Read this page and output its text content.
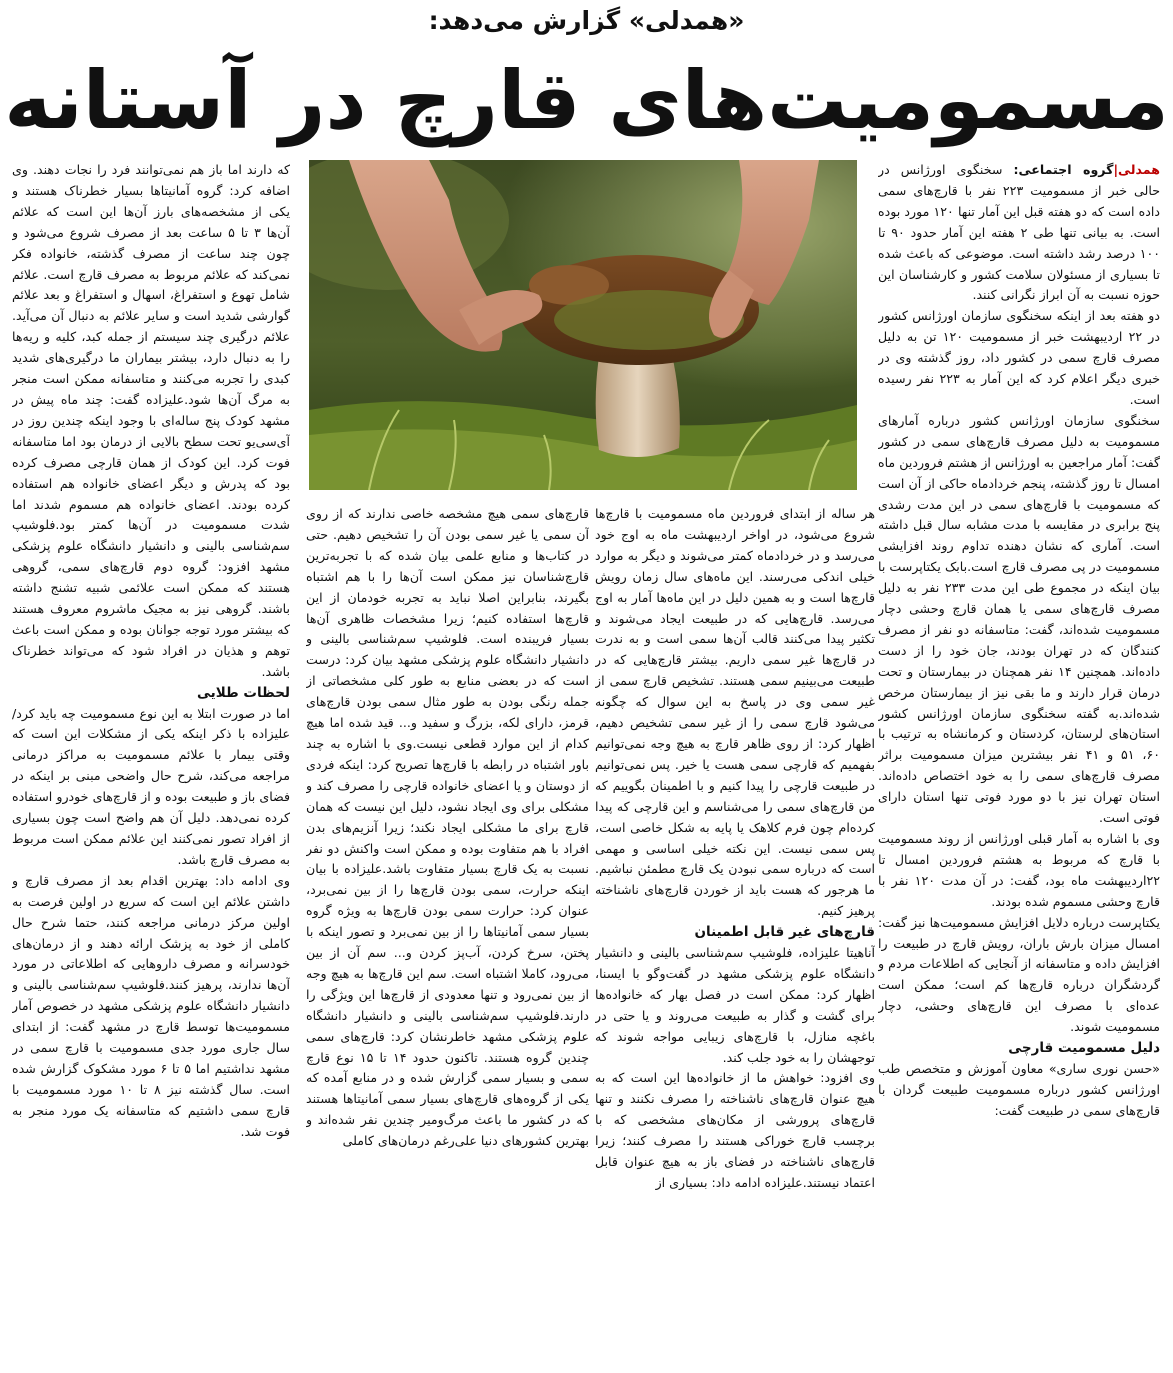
«همدلی» گزارش می‌دهد:
مسمومیت‌های قارچ در آستانه

همدلی|گروه اجتماعی: سخنگوی اورژانس در حالی خبر از مسمومیت ۲۲۳ نفر با قارچ‌های سمی داده است که دو هفته قبل این آمار تنها ۱۲۰ مورد بوده است. به بیانی تنها طی ۲ هفته این آمار حدود ۹۰ تا ۱۰۰ درصد رشد داشته است. موضوعی که باعث شده تا بسیاری از مسئولان سلامت کشور و کارشناسان این حوزه نسبت به آن ابراز نگرانی کنند.

دو هفته بعد از اینکه سخنگوی سازمان اورژانس کشور در ۲۲ اردیبهشت خبر از مسمومیت ۱۲۰ تن به دلیل مصرف قارچ سمی در کشور داد، روز گذشته وی در خبری دیگر اعلام کرد که این آمار به ۲۲۳ نفر رسیده است.

سخنگوی سازمان اورژانس کشور درباره آمارهای مسمومیت به دلیل مصرف قارچ‌های سمی در کشور گفت: آمار مراجعین به اورژانس از هشتم فروردین ماه امسال تا روز گذشته، پنجم خردادماه حاکی از آن است که مسمومیت با قارچ‌های سمی در این مدت رشدی پنج برابری در مقایسه با مدت مشابه سال قبل داشته است. آماری که نشان دهنده تداوم روند افزایشی مسمومیت در پی مصرف قارچ است.بابک یکتاپرست با بیان اینکه در مجموع طی این مدت ۲۳۳ نفر به دلیل مصرف قارچ‌های سمی یا همان قارچ وحشی دچار مسمومیت شده‌اند، گفت: متاسفانه دو نفر از مصرف کنندگان که در تهران بودند، جان خود را از دست داده‌اند. همچنین ۱۴ نفر همچنان در بیمارستان و تحت درمان قرار دارند و ما بقی نیز از بیمارستان مرخص شده‌اند.به گفته سخنگوی سازمان اورژانس کشور استان‌های لرستان، کردستان و کرمانشاه به ترتیب با ۶۰، ۵۱ و ۴۱ نفر بیشترین میزان مسمومیت براثر مصرف قارچ‌های سمی را به خود اختصاص داده‌اند. استان تهران نیز با دو مورد فوتی تنها استان دارای فوتی است.

وی با اشاره به آمار قبلی اورژانس از روند مسمومیت با قارچ که مربوط به هشتم فروردین امسال تا ۲۲اردیبهشت ماه بود، گفت: در آن مدت ۱۲۰ نفر با قارچ وحشی مسموم شده بودند.

یکتاپرست درباره دلایل افزایش مسمومیت‌ها نیز گفت: امسال میزان بارش باران، رویش قارچ در طبیعت را افزایش داده و متاسفانه از آنجایی که اطلاعات مردم و گردشگران درباره قارچ‌ها کم است؛ ممکن است عده‌ای با مصرف این قارچ‌های وحشی، دچار مسمومیت شوند.

دلیل مسمومیت قارچی

«حسن نوری ساری» معاون آموزش و متخصص طب اورژانس کشور درباره مسمومیت طبیعت گردان با قارچ‌های سمی در طبیعت گفت:

هر ساله از ابتدای فروردین ماه مسمومیت با قارچ‌ها شروع می‌شود، در اواخر اردیبهشت ماه به اوج خود می‌رسد و در خردادماه کمتر می‌شوند و دیگر به موارد خیلی اندکی می‌رسند. این ماه‌های سال زمان رویش قارچ‌ها است و به همین دلیل در این ماه‌ها آمار به اوج می‌رسد. قارچ‌هایی که در طبیعت ایجاد می‌شوند و تکثیر پیدا می‌کنند قالب آن‌ها سمی است و به ندرت در قارچ‌ها غیر سمی داریم. بیشتر قارچ‌هایی که در طبیعت می‌بینیم سمی هستند. تشخیص قارچ سمی از غیر سمی وی در پاسخ به این سوال که چگونه می‌شود قارچ سمی را از غیر سمی تشخیص دهیم، اظهار کرد: از روی ظاهر قارچ به هیچ وجه نمی‌توانیم بفهمیم که قارچی سمی هست یا خیر. پس نمی‌توانیم در طبیعت قارچی را پیدا کنیم و با اطمینان بگوییم که من قارچ‌های سمی را می‌شناسم و این قارچی که پیدا کرده‌ام چون فرم کلاهک یا پایه به شکل خاصی است، پس سمی نیست. این نکته خیلی اساسی و مهمی است که درباره سمی نبودن یک قارچ مطمئن نباشیم. ما هرجور که هست باید از خوردن قارچ‌های ناشناخته پرهیز کنیم.

قارچ‌های غیر قابل اطمینان

آناهیتا علیزاده، فلوشیپ سم‌شناسی بالینی و دانشیار دانشگاه علوم پزشکی مشهد در گفت‌وگو با ایسنا، اظهار کرد: ممکن است در فصل بهار که خانواده‌ها برای گشت و گذار به طبیعت می‌روند و یا حتی در باغچه منازل، با قارچ‌های زیبایی مواجه شوند که توجهشان را به خود جلب کند.

وی افزود: خواهش ما از خانواده‌ها این است که به هیچ عنوان قارچ‌های ناشناخته را مصرف نکنند و تنها قارچ‌های پرورشی از مکان‌های مشخصی که با برچسب قارچ خوراکی هستند را مصرف کنند؛ زیرا قارچ‌های ناشناخته در فضای باز به هیچ عنوان قابل اعتماد نیستند.علیزاده ادامه داد: بسیاری از

قارچ‌های سمی هیچ مشخصه خاصی ندارند که از روی آن سمی یا غیر سمی بودن آن را تشخیص دهیم. حتی در کتاب‌ها و منابع علمی بیان شده که با تجربه‌ترین قارچ‌شناسان نیز ممکن است آن‌ها را با هم اشتباه بگیرند، بنابراین اصلا نباید به تجربه خودمان از این قارچ‌ها استفاده کنیم؛ زیرا مشخصات ظاهری آن‌ها بسیار فریبنده است. فلوشیپ سم‌شناسی بالینی و دانشیار دانشگاه علوم پزشکی مشهد بیان کرد: درست است که در بعضی منابع به طور کلی مشخصاتی از جمله رنگی بودن به طور مثال سمی بودن قارچ‌های قرمز، دارای لکه، بزرگ و سفید و... قید شده اما هیچ کدام از این موارد قطعی نیست.وی با اشاره به چند باور اشتباه در رابطه با قارچ‌ها تصریح کرد: اینکه فردی از دوستان و یا اعضای خانواده قارچی را مصرف کند و مشکلی برای وی ایجاد نشود، دلیل این نیست که همان قارچ برای ما مشکلی ایجاد نکند؛ زیرا آنزیم‌های بدن افراد با هم متفاوت بوده و ممکن است واکنش دو نفر نسبت به یک قارچ بسیار متفاوت باشد.علیزاده با بیان اینکه حرارت، سمی بودن قارچ‌ها را از بین نمی‌برد، عنوان کرد: حرارت سمی بودن قارچ‌ها به ویژه گروه بسیار سمی آمانیتاها را از بین نمی‌برد و تصور اینکه با پختن، سرخ کردن، آب‌پز کردن و... سم آن از بین می‌رود، کاملا اشتباه است. سم این قارچ‌ها به هیچ وجه از بین نمی‌رود و تنها معدودی از قارچ‌ها این ویژگی را دارند.فلوشیپ سم‌شناسی بالینی و دانشیار دانشگاه علوم پزشکی مشهد خاطرنشان کرد: قارچ‌های سمی چندین گروه هستند. تاکنون حدود ۱۴ تا ۱۵ نوع قارچ سمی و بسیار سمی گزارش شده و در منابع آمده که یکی از گروه‌های قارچ‌های بسیار سمی آمانیتاها هستند که در کشور ما باعث مرگ‌ومیر چندین نفر شده‌اند و بهترین کشورهای دنیا علی‌رغم درمان‌های کاملی

که دارند اما باز هم نمی‌توانند فرد را نجات دهند. وی اضافه کرد: گروه آمانیتاها بسیار خطرناک هستند و یکی از مشخصه‌های بارز آن‌ها این است که علائم آن‌ها ۳ تا ۵ ساعت بعد از مصرف شروع می‌شود و چون چند ساعت از مصرف گذشته، خانواده فکر نمی‌کند که علائم مربوط به مصرف قارچ است. علائم شامل تهوع و استفراغ، اسهال و استفراغ و بعد علائم گوارشی شدید است و سایر علائم به دنبال آن می‌آید. علائم درگیری چند سیستم از جمله کبد، کلیه و ریه‌ها را به دنبال دارد، بیشتر بیماران ما درگیری‌های شدید کبدی را تجربه می‌کنند و متاسفانه ممکن است منجر به مرگ آن‌ها شود.علیزاده گفت: چند ماه پیش در مشهد کودک پنج ساله‌ای با وجود اینکه چندین روز در آی‌سی‌یو تحت سطح بالایی از درمان بود اما متاسفانه فوت کرد. این کودک از همان قارچی مصرف کرده بود که پدرش و دیگر اعضای خانواده هم استفاده کرده بودند. اعضای خانواده هم مسموم شدند اما شدت مسمومیت در آن‌ها کمتر بود.فلوشیپ سم‌شناسی بالینی و دانشیار دانشگاه علوم پزشکی مشهد افزود: گروه دوم قارچ‌های سمی، گروهی هستند که ممکن است علائمی شبیه تشنج داشته باشند. گروهی نیز به مجیک ماشروم معروف هستند که بیشتر مورد توجه جوانان بوده و ممکن است باعث توهم و هذیان در افراد شود که می‌تواند خطرناک باشد.

لحظات طلایی

اما در صورت ابتلا به این نوع مسمومیت چه باید کرد/علیزاده با ذکر اینکه یکی از مشکلات این است که وقتی بیمار با علائم مسمومیت به مراکز درمانی مراجعه می‌کند، شرح حال واضحی مبنی بر اینکه در فضای باز و طبیعت بوده و از قارچ‌های خودرو استفاده کرده نمی‌دهد. دلیل آن هم واضح است چون بسیاری از افراد تصور نمی‌کنند این علائم ممکن است مربوط به مصرف قارچ باشد.

وی ادامه داد: بهترین اقدام بعد از مصرف قارچ و داشتن علائم این است که سریع در اولین فرصت به اولین مرکز درمانی مراجعه کنند، حتما شرح حال کاملی از خود به پزشک ارائه دهند و از درمان‌های خودسرانه و مصرف داروهایی که اطلاعاتی در مورد آن‌ها ندارند، پرهیز کنند.فلوشیپ سم‌شناسی بالینی و دانشیار دانشگاه علوم پزشکی مشهد در خصوص آمار مسمومیت‌ها توسط قارچ در مشهد گفت: از ابتدای سال جاری مورد جدی مسمومیت با قارچ سمی در مشهد نداشتیم اما ۵ تا ۶ مورد مشکوک گزارش شده است. سال گذشته نیز ۸ تا ۱۰ مورد مسمومیت با قارچ سمی داشتیم که متاسفانه یک مورد منجر به فوت شد.
